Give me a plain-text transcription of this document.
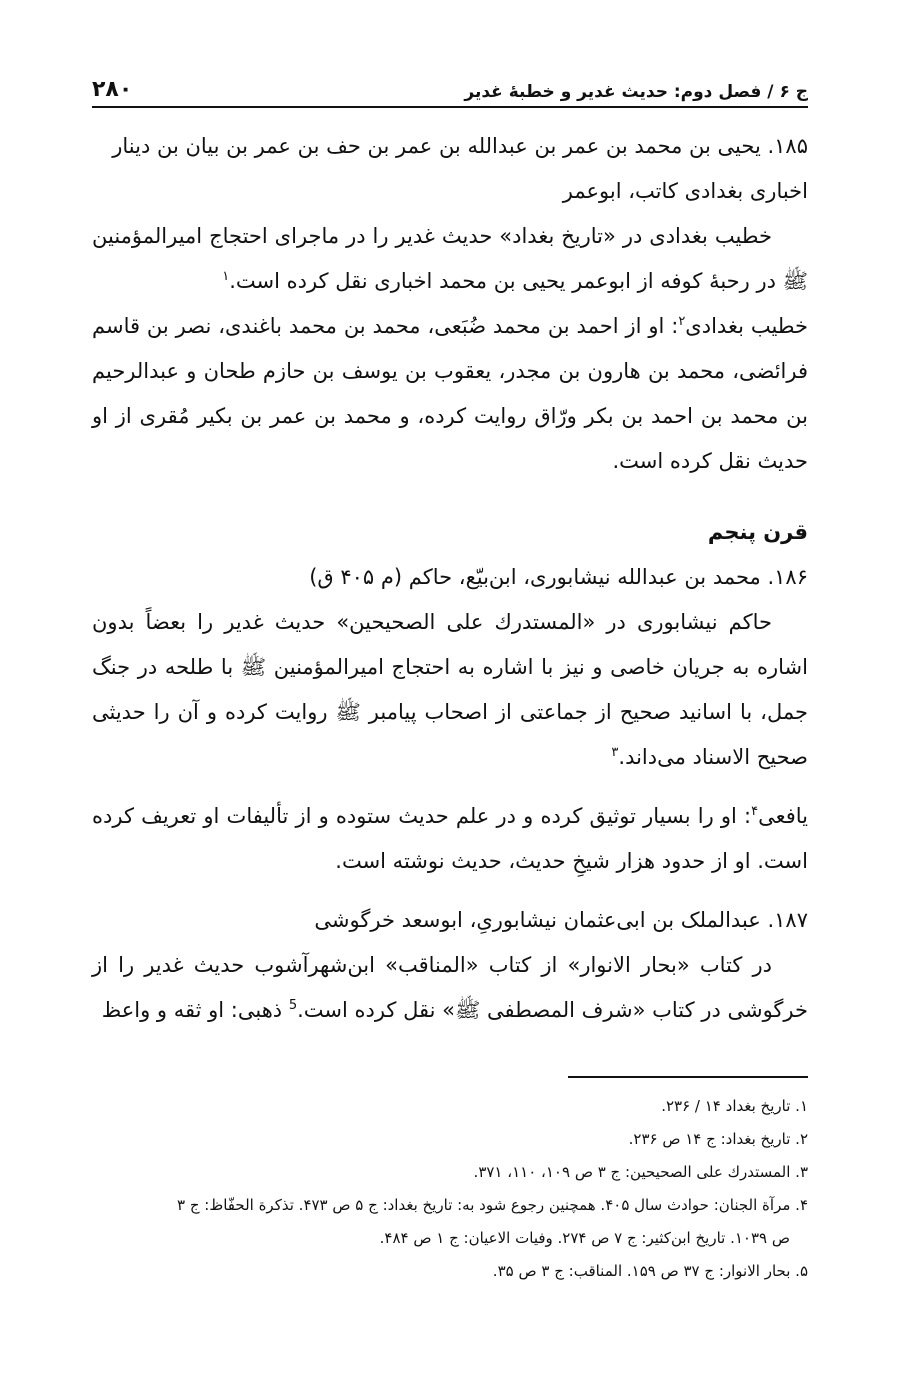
ج ۶ / فصل دوم: حدیث غدیر و خطبهٔ غدیر
۲۸۰

۱۸۵. یحیی بن محمد بن عمر بن عبدالله بن عمر بن حف بن عمر بن بیان بن دینار

اخباری بغدادی کاتب، ابوعمر

خطیب بغدادی در «تاریخ بغداد» حدیث غدیر را در ماجرای احتجاج امیرالمؤمنین ﷺ در رحبهٔ کوفه از ابوعمر یحیی بن محمد اخباری نقل کرده است.$^۱$

خطیب بغدادی$^۲$: او از احمد بن محمد ضُبَعی، محمد بن محمد باغندی، نصر بن قاسم فرائضی، محمد بن هارون بن مجدر، یعقوب بن یوسف بن حازم طحان و عبدالرحیم بن محمد بن احمد بن بکر ورّاق روایت کرده، و محمد بن عمر بن بکیر مُقری از او حدیث نقل کرده است.

قرن پنجم

۱۸۶. محمد بن عبدالله نیشابوری، ابن‌بیّع، حاکم (م ۴۰۵ ق)

حاکم نیشابوری در «المستدرك علی الصحیحین» حدیث غدیر را بعضاً بدون اشاره به جریان خاصی و نیز با اشاره به احتجاج امیرالمؤمنین ﷺ با طلحه در جنگ جمل، با اسانید صحیح از جماعتی از اصحاب پیامبر ﷺ روایت کرده و آن را حدیثی صحیح الاسناد می‌داند.$^۳$

یافعی$^۴$: او را بسیار توثیق کرده و در علم حدیث ستوده و از تألیفات او تعریف کرده است. او از حدود هزار شیخِ حدیث، حدیث نوشته است.

۱۸۷. عبدالملک بن ابی‌عثمان نیشابوریِ، ابوسعد خرگوشی

در کتاب «بحار الانوار» از کتاب «المناقب» ابن‌شهرآشوب حدیث غدیر را از خرگوشی در کتاب «شرف المصطفی ﷺ» نقل کرده است.$^5$ ذهبی: او ثقه و واعظ

۱. تاریخ بغداد ۱۴ / ۲۳۶.

۲. تاریخ بغداد: ج ۱۴ ص ۲۳۶.

۳. المستدرك علی الصحیحین: ج ۳ ص ۱۰۹، ۱۱۰، ۳۷۱.

۴. مرآة الجنان: حوادث سال ۴۰۵. همچنین رجوع شود به: تاریخ بغداد: ج ۵ ص ۴۷۳. تذکرة الحفّاظ: ج ۳

ص ۱۰۳۹. تاریخ ابن‌کثیر: ج ۷ ص ۲۷۴. وفیات الاعیان: ج ۱ ص ۴۸۴.

۵. بحار الانوار: ج ۳۷ ص ۱۵۹. المناقب: ج ۳ ص ۳۵.
